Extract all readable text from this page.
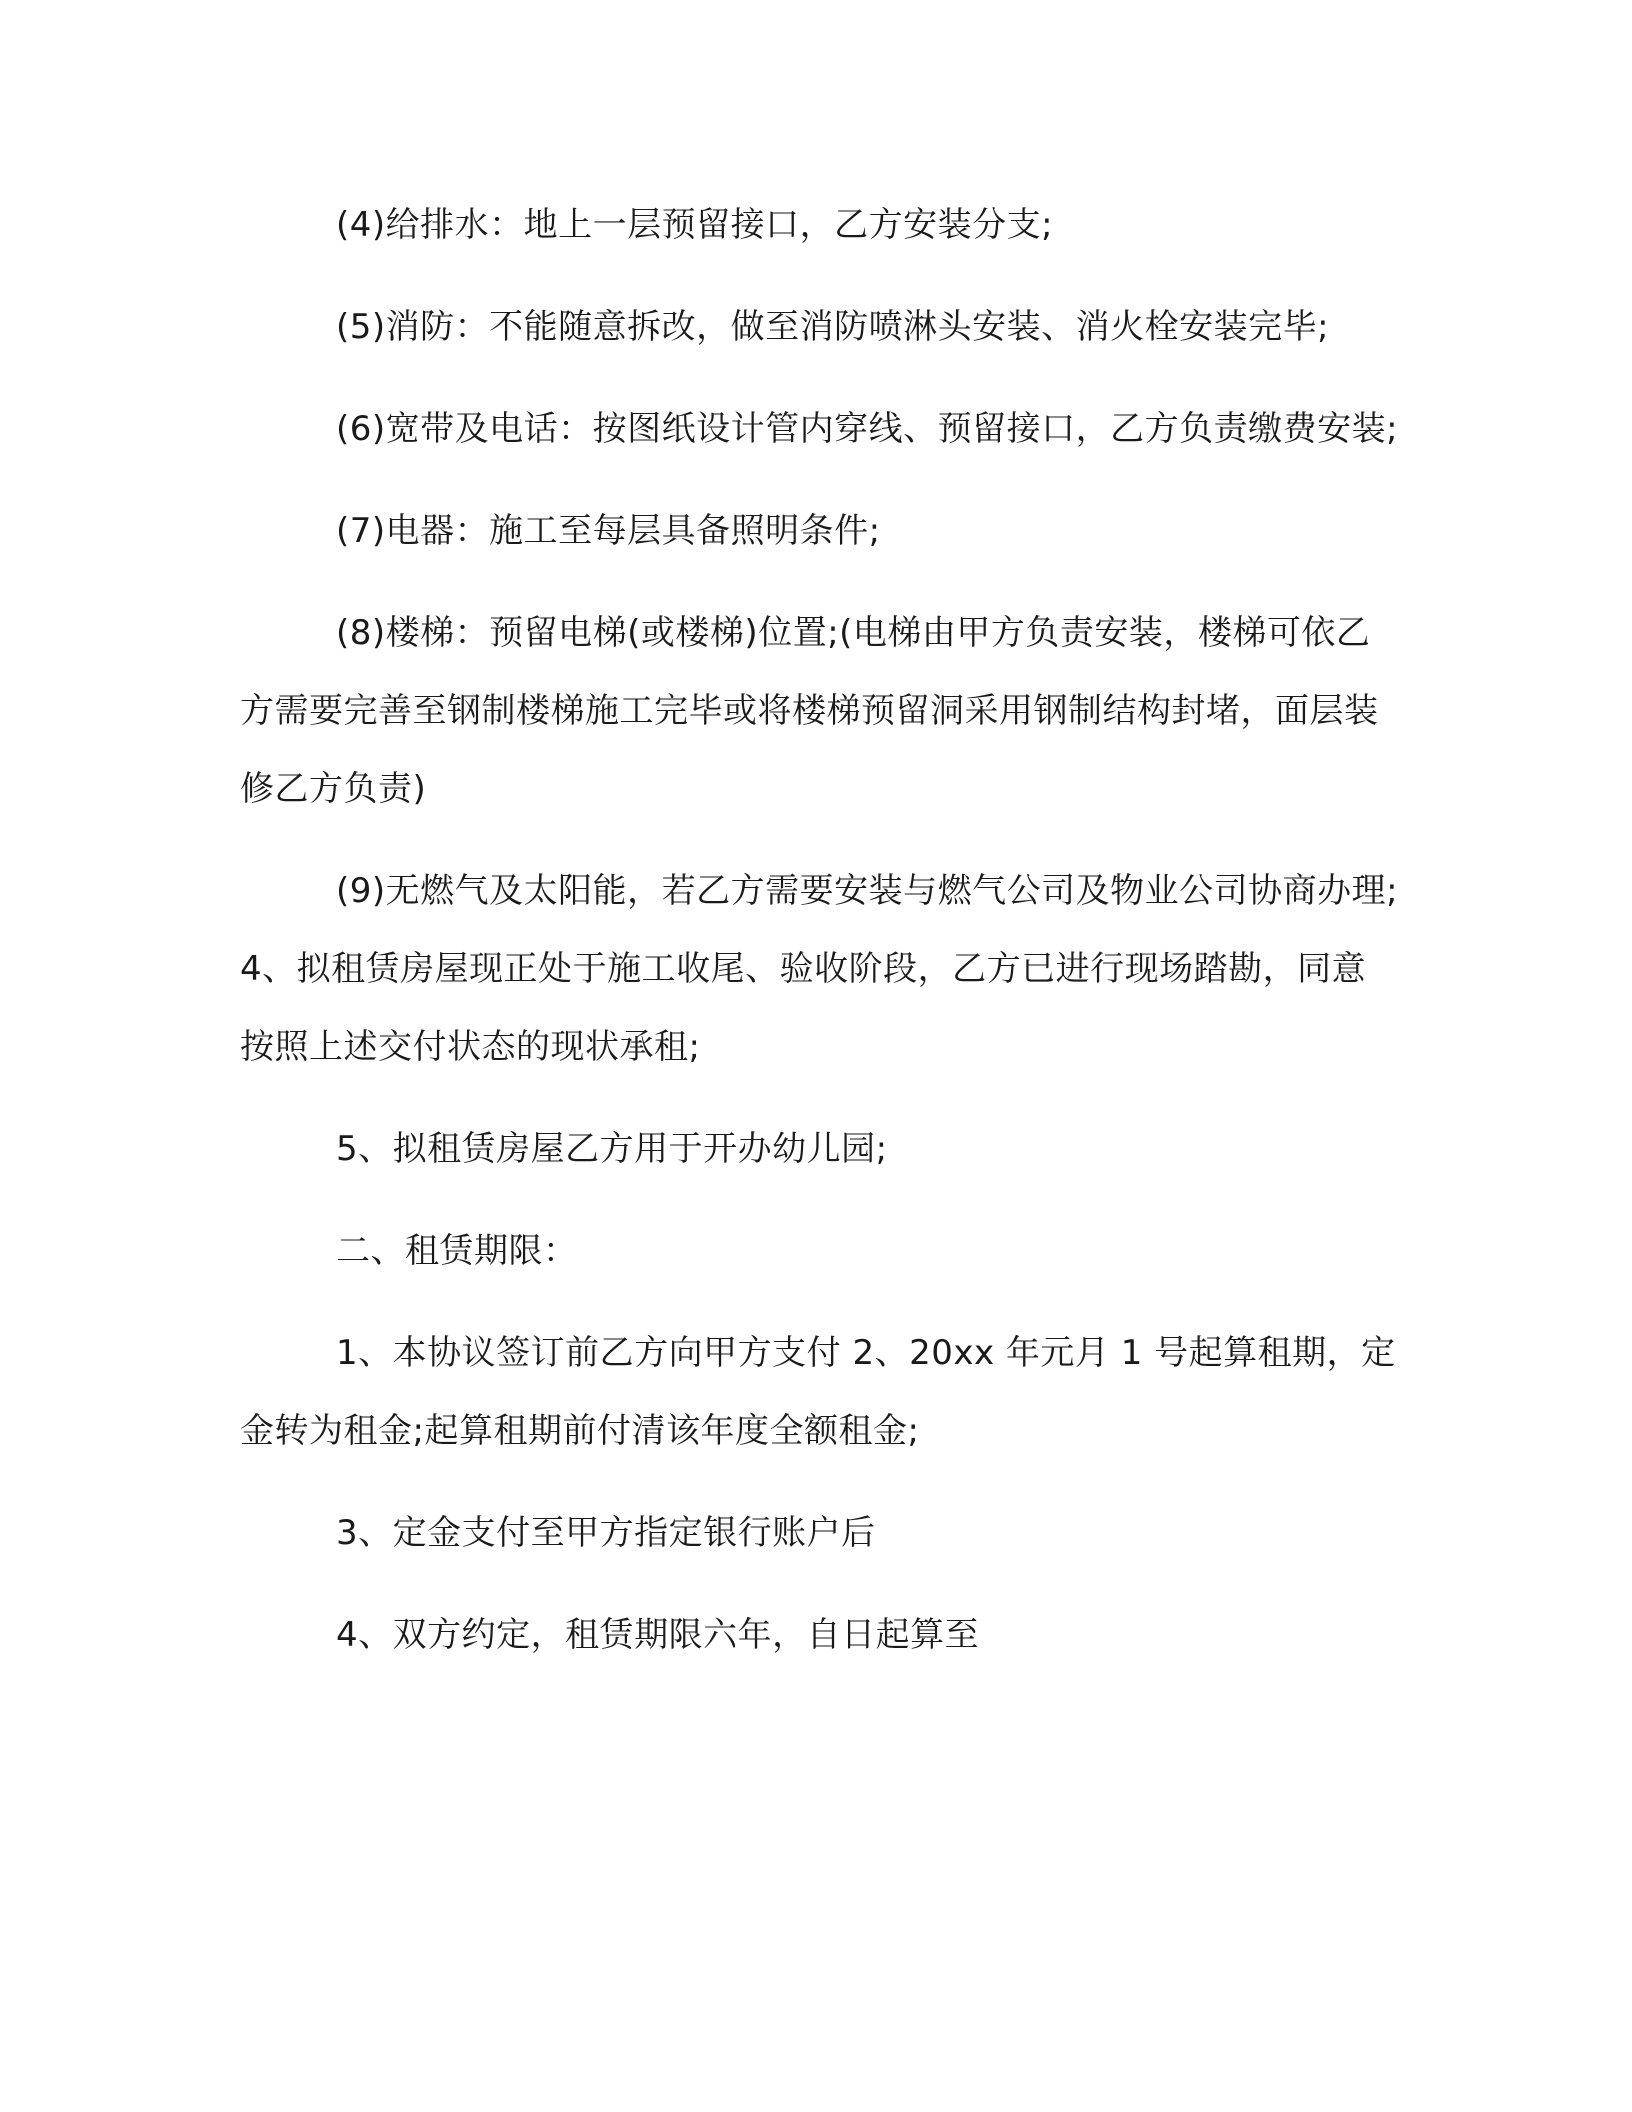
(4)给排水：地上一层预留接口，乙方安装分支;

(5)消防：不能随意拆改，做至消防喷淋头安装、消火栓安装完毕;

(6)宽带及电话：按图纸设计管内穿线、预留接口，乙方负责缴费安装;

(7)电器：施工至每层具备照明条件;

(8)楼梯：预留电梯(或楼梯)位置;(电梯由甲方负责安装，楼梯可依乙方需要完善至钢制楼梯施工完毕或将楼梯预留洞采用钢制结构封堵，面层装修乙方负责)

(9)无燃气及太阳能，若乙方需要安装与燃气公司及物业公司协商办理; 4、拟租赁房屋现正处于施工收尾、验收阶段，乙方已进行现场踏勘，同意按照上述交付状态的现状承租;

5、拟租赁房屋乙方用于开办幼儿园;

二、租赁期限：

1、本协议签订前乙方向甲方支付 2、20xx 年元月 1 号起算租期，定金转为租金;起算租期前付清该年度全额租金;

3、定金支付至甲方指定银行账户后

4、双方约定，租赁期限六年，自日起算至
